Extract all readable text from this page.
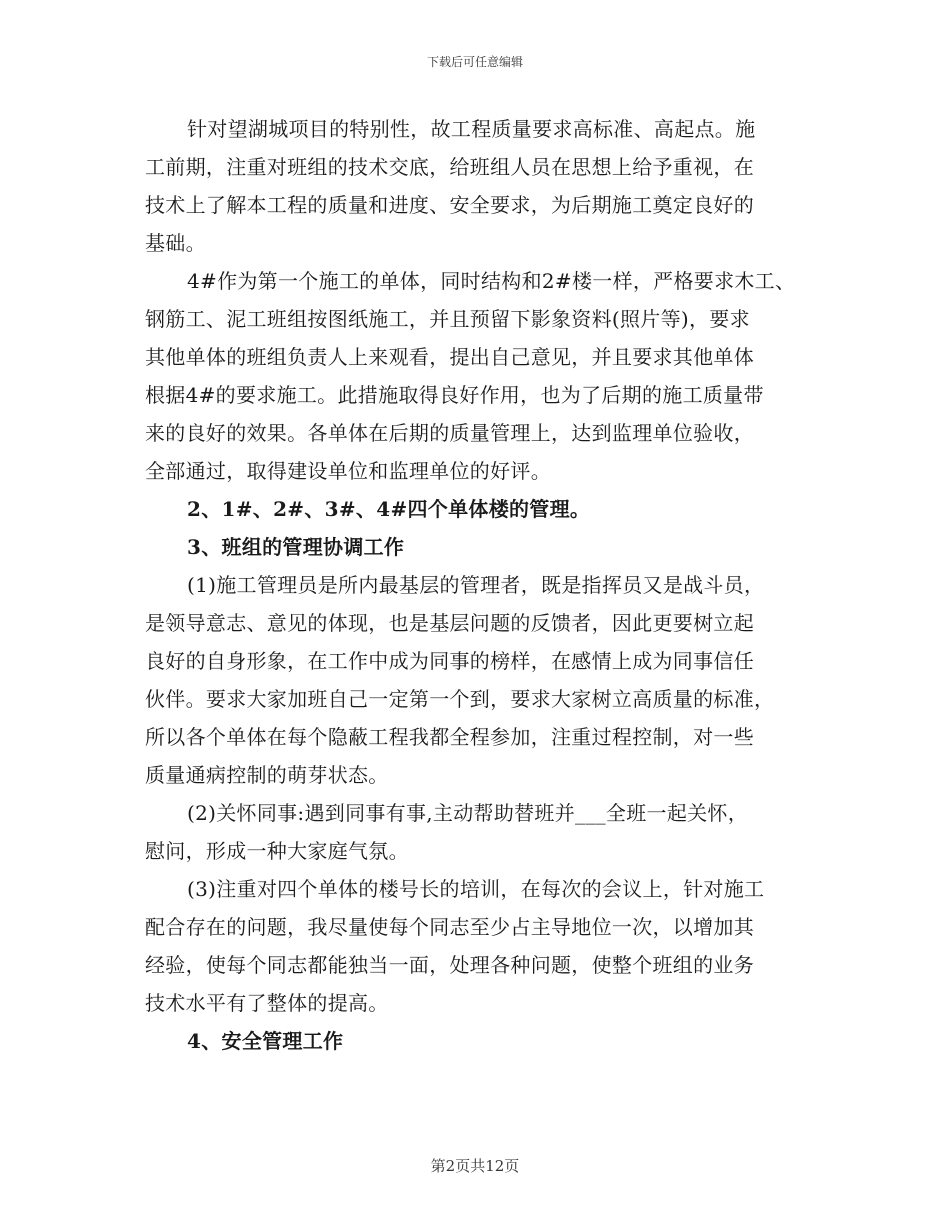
下载后可任意编辑
针对望湖城项目的特别性，故工程质量要求高标准、高起点。施
工前期，注重对班组的技术交底，给班组人员在思想上给予重视，在
技术上了解本工程的质量和进度、安全要求，为后期施工奠定良好的
基础。
4#作为第一个施工的单体，同时结构和2#楼一样，严格要求木工、
钢筋工、泥工班组按图纸施工，并且预留下影象资料(照片等)，要求
其他单体的班组负责人上来观看，提出自己意见，并且要求其他单体
根据4#的要求施工。此措施取得良好作用，也为了后期的施工质量带
来的良好的效果。各单体在后期的质量管理上，达到监理单位验收，
全部通过，取得建设单位和监理单位的好评。
2、1#、2#、3#、4#四个单体楼的管理。
3、班组的管理协调工作
(1)施工管理员是所内最基层的管理者，既是指挥员又是战斗员，
是领导意志、意见的体现，也是基层问题的反馈者，因此更要树立起
良好的自身形象，在工作中成为同事的榜样，在感情上成为同事信任
伙伴。要求大家加班自己一定第一个到，要求大家树立高质量的标准，
所以各个单体在每个隐蔽工程我都全程参加，注重过程控制，对一些
质量通病控制的萌芽状态。
(2)关怀同事:遇到同事有事,主动帮助替班并___全班一起关怀，
慰问，形成一种大家庭气氛。
(3)注重对四个单体的楼号长的培训，在每次的会议上，针对施工
配合存在的问题，我尽量使每个同志至少占主导地位一次，以增加其
经验，使每个同志都能独当一面，处理各种问题，使整个班组的业务
技术水平有了整体的提高。
4、安全管理工作
第2页共12页
